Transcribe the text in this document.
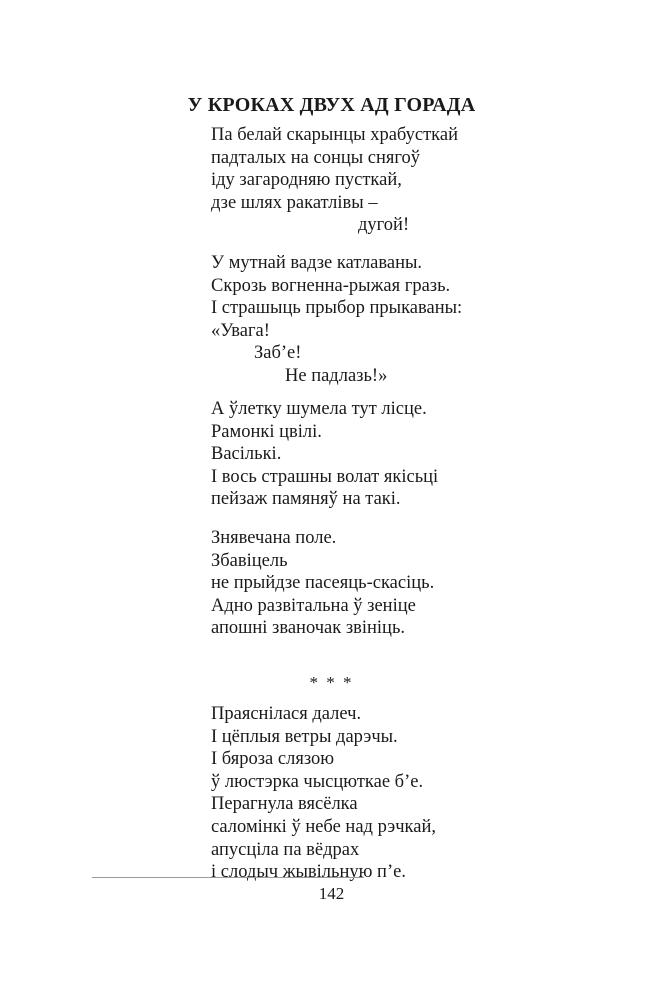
У КРОКАХ ДВУХ АД ГОРАДА
Па белай скарынцы храбусткай
падталых на сонцы снягоў
іду загародняю пусткай,
дзе шлях ракатлівы –
дугой!
У мутнай вадзе катлаваны.
Скрозь вогненна-рыжая гразь.
І страшыць прыбор прыкаваны:
«Увага!
Заб’е!
Не падлазь!»
А ўлетку шумела тут лісце.
Рамонкі цвілі.
Васількі.
І вось страшны волат якісьці
пейзаж памяняў на такі.
Знявечана поле.
Збавіцель
не прыйдзе пасеяць-скасіць.
Адно развітальна ў зеніце
апошні званочак звініць.
* * *
Праяснілася далеч.
І цёплыя ветры дарэчы.
І бяроза слязою
ў люстэрка чысцюткае б’е.
Перагнула вясёлка
саломінкі ў небе над рэчкай,
апусціла па вёдрах
і слодыч жывільную п’е.
142
